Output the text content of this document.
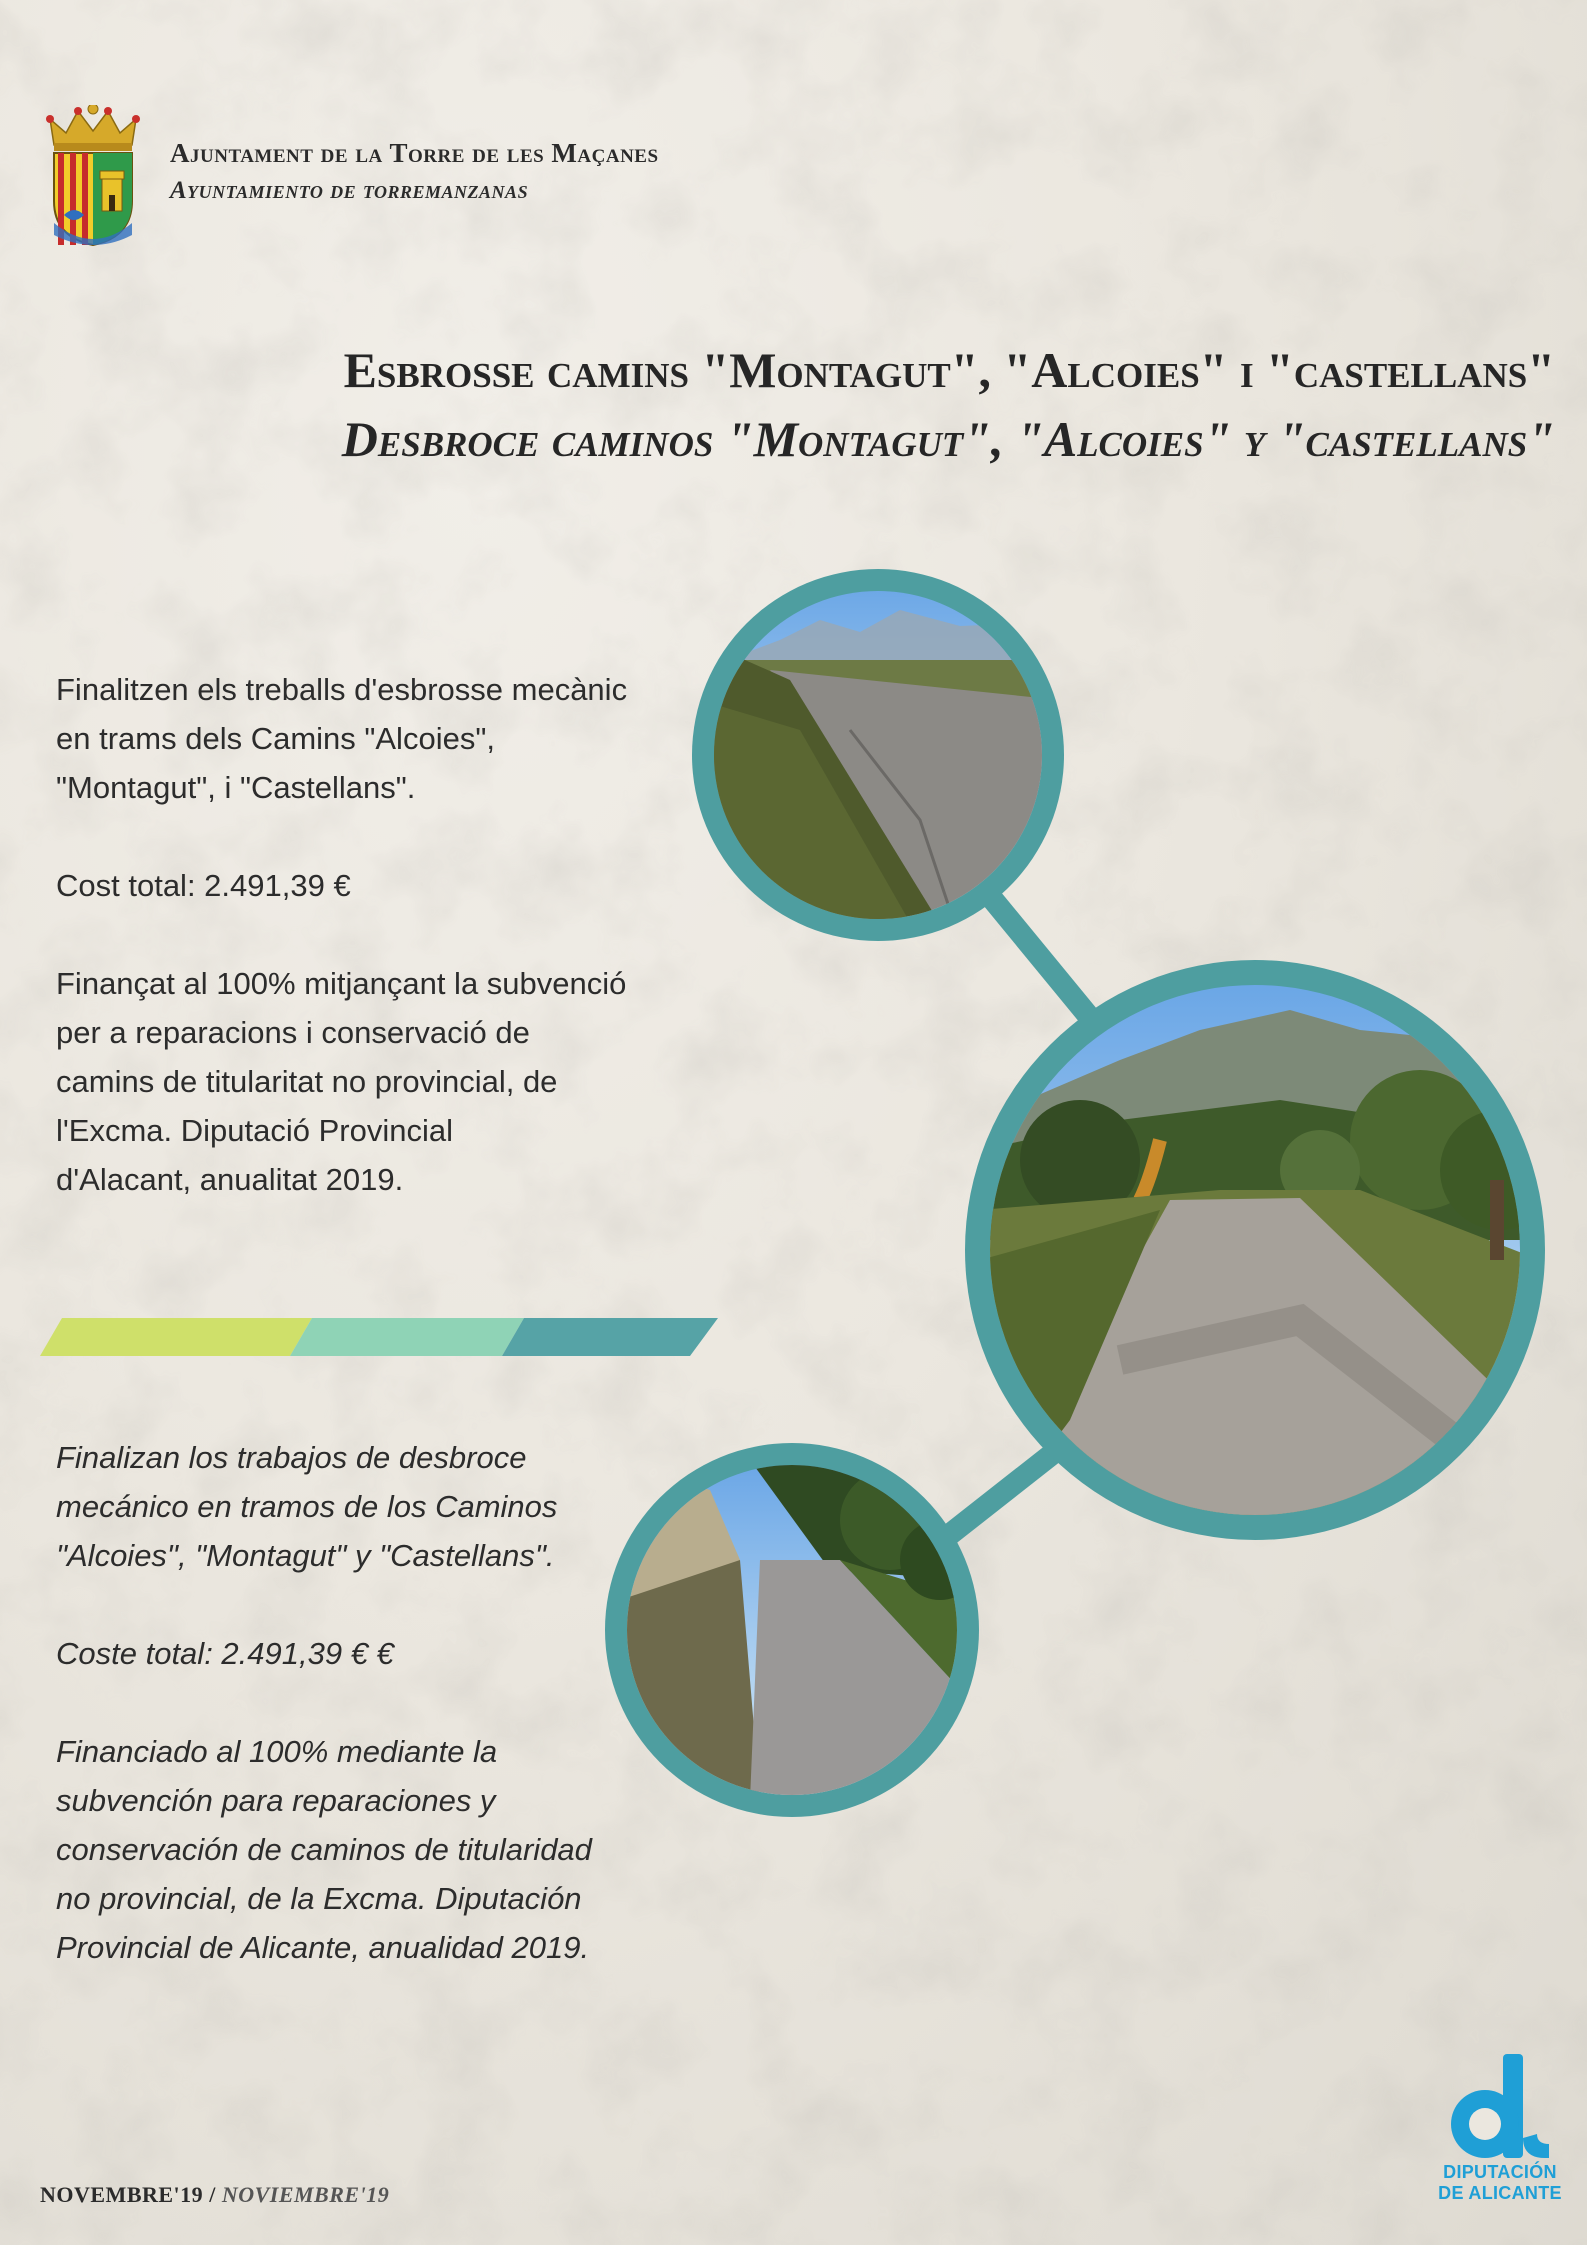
Ajuntament de la Torre de les Maçanes
Ayuntamiento de torremanzanas
Esbrosse camins "Montagut", "Alcoies" i "castellans"
Desbroce caminos "Montagut", "Alcoies" y "castellans"
Finalitzen els treballs d'esbrosse mecànic
en trams dels Camins "Alcoies",
"Montagut", i "Castellans".
Cost total: 2.491,39 €
Finançat al 100% mitjançant la subvenció
per a reparacions i conservació de
camins de titularitat no provincial, de
l'Excma. Diputació Provincial
d'Alacant, anualitat 2019.
Finalizan los trabajos de desbroce
mecánico en tramos de los Caminos
"Alcoies", "Montagut" y "Castellans".
Coste total: 2.491,39 € €
Financiado al 100% mediante la
subvención para reparaciones y
conservación de caminos de titularidad
no provincial, de la Excma. Diputación
Provincial de Alicante, anualidad 2019.
NOVEMBRE'19 / NOVIEMBRE'19
DIPUTACIÓN
DE ALICANTE
